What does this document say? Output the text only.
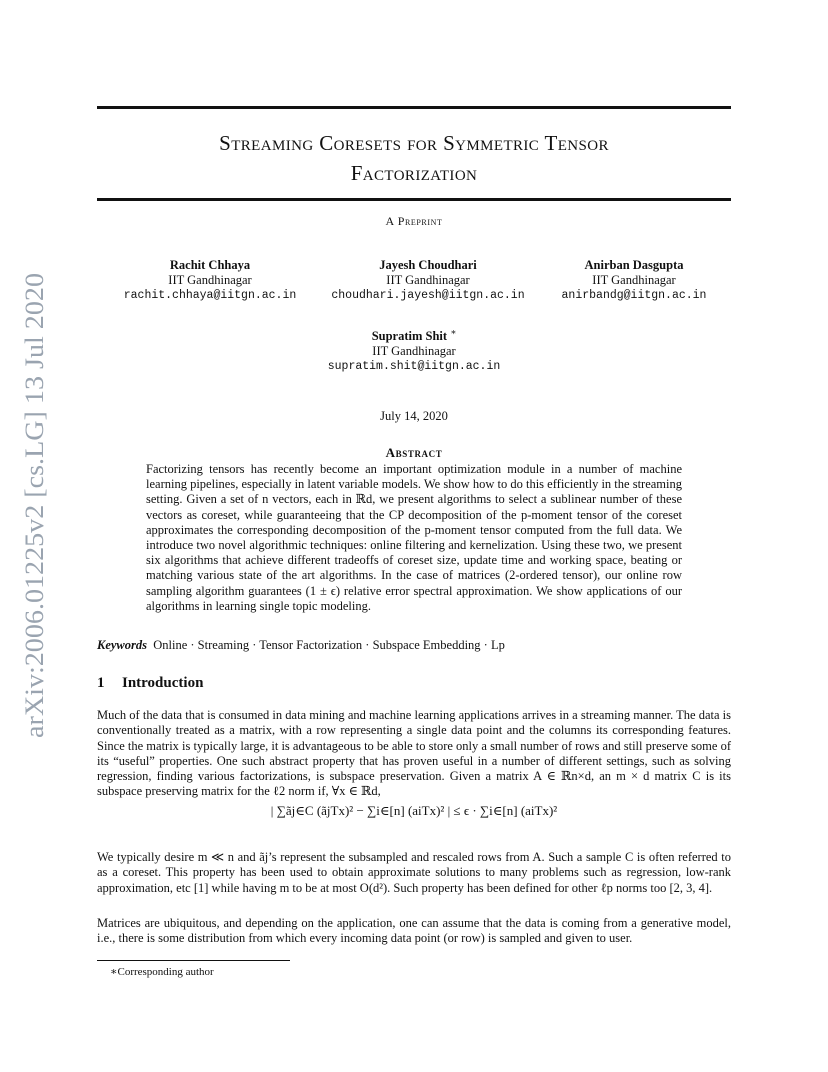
arXiv:2006.01225v2 [cs.LG] 13 Jul 2020
Streaming Coresets for Symmetric Tensor
Factorization
A Preprint
Rachit Chhaya
IIT Gandhinagar
rachit.chhaya@iitgn.ac.in
Jayesh Choudhari
IIT Gandhinagar
choudhari.jayesh@iitgn.ac.in
Anirban Dasgupta
IIT Gandhinagar
anirbandg@iitgn.ac.in
Supratim Shit ∗
IIT Gandhinagar
supratim.shit@iitgn.ac.in
July 14, 2020
Abstract
Factorizing tensors has recently become an important optimization module in a number of machine learning pipelines, especially in latent variable models. We show how to do this efficiently in the streaming setting. Given a set of n vectors, each in ℝd, we present algorithms to select a sublinear number of these vectors as coreset, while guaranteeing that the CP decomposition of the p-moment tensor of the coreset approximates the corresponding decomposition of the p-moment tensor computed from the full data. We introduce two novel algorithmic techniques: online filtering and kernelization. Using these two, we present six algorithms that achieve different tradeoffs of coreset size, update time and working space, beating or matching various state of the art algorithms. In the case of matrices (2-ordered tensor), our online row sampling algorithm guarantees (1 ± ϵ) relative error spectral approximation. We show applications of our algorithms in learning single topic modeling.
Keywords Online · Streaming · Tensor Factorization · Subspace Embedding · Lp
1 Introduction
Much of the data that is consumed in data mining and machine learning applications arrives in a streaming manner. The data is conventionally treated as a matrix, with a row representing a single data point and the columns its corresponding features. Since the matrix is typically large, it is advantageous to be able to store only a small number of rows and still preserve some of its “useful” properties. One such abstract property that has proven useful in a number of different settings, such as solving regression, finding various factorizations, is subspace preservation. Given a matrix A ∈ ℝn×d, an m × d matrix C is its subspace preserving matrix for the ℓ2 norm if, ∀x ∈ ℝd,
| ∑ãj∈C (ãjTx)² − ∑i∈[n] (aiTx)² | ≤ ϵ · ∑i∈[n] (aiTx)²
We typically desire m ≪ n and ãj’s represent the subsampled and rescaled rows from A. Such a sample C is often referred to as a coreset. This property has been used to obtain approximate solutions to many problems such as regression, low-rank approximation, etc [1] while having m to be at most O(d²). Such property has been defined for other ℓp norms too [2, 3, 4].
Matrices are ubiquitous, and depending on the application, one can assume that the data is coming from a generative model, i.e., there is some distribution from which every incoming data point (or row) is sampled and given to user.
∗Corresponding author
